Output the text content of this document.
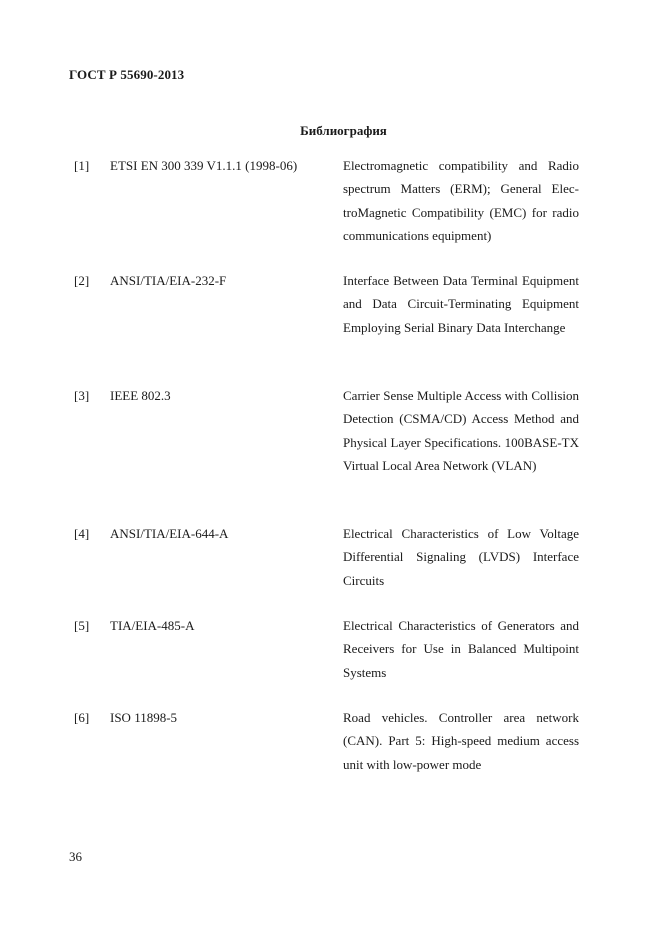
ГОСТ Р 55690-2013
Библиография
[1] ETSI EN 300 339 V1.1.1 (1998-06)	Electromagnetic compatibility and Radio spectrum Matters (ERM); General ElectroMagnetic Compatibility (EMC) for radio communications equipment)
[2] ANSI/TIA/EIA-232-F	Interface Between Data Terminal Equipment and Data Circuit-Terminating Equipment Employing Serial Binary Data Interchange
[3] IEEE 802.3	Carrier Sense Multiple Access with Collision Detection (CSMA/CD) Access Method and Physical Layer Specifications. 100BASE-TX Virtual Local Area Network (VLAN)
[4] ANSI/TIA/EIA-644-A	Electrical Characteristics of Low Voltage Differential Signaling (LVDS) Interface Circuits
[5] TIA/EIA-485-A	Electrical Characteristics of Generators and Receivers for Use in Balanced Multipoint Systems
[6] ISO 11898-5	Road vehicles. Controller area network (CAN). Part 5: High-speed medium access unit with low-power mode
36
